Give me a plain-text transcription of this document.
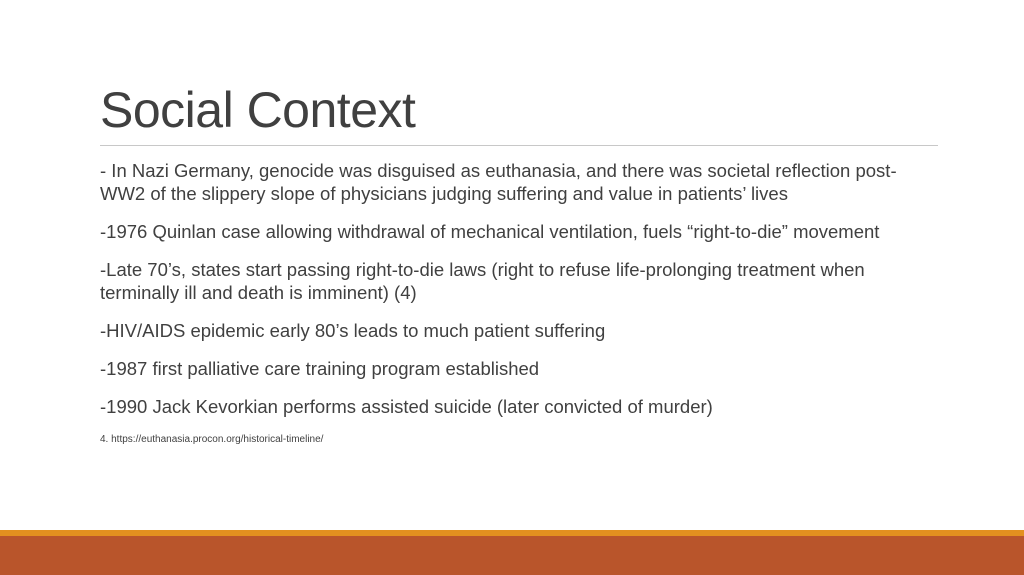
Social Context

- In Nazi Germany, genocide was disguised as euthanasia, and there was societal reflection post-WW2 of the slippery slope of physicians judging suffering and value in patients’ lives

-1976 Quinlan case allowing withdrawal of mechanical ventilation, fuels “right-to-die” movement

-Late 70’s, states start passing right-to-die laws (right to refuse life-prolonging treatment when terminally ill and death is imminent) (4)

-HIV/AIDS epidemic early 80’s leads to much patient suffering

-1987 first palliative care training program established

-1990 Jack Kevorkian performs assisted suicide (later convicted of murder)

4. https://euthanasia.procon.org/historical-timeline/
